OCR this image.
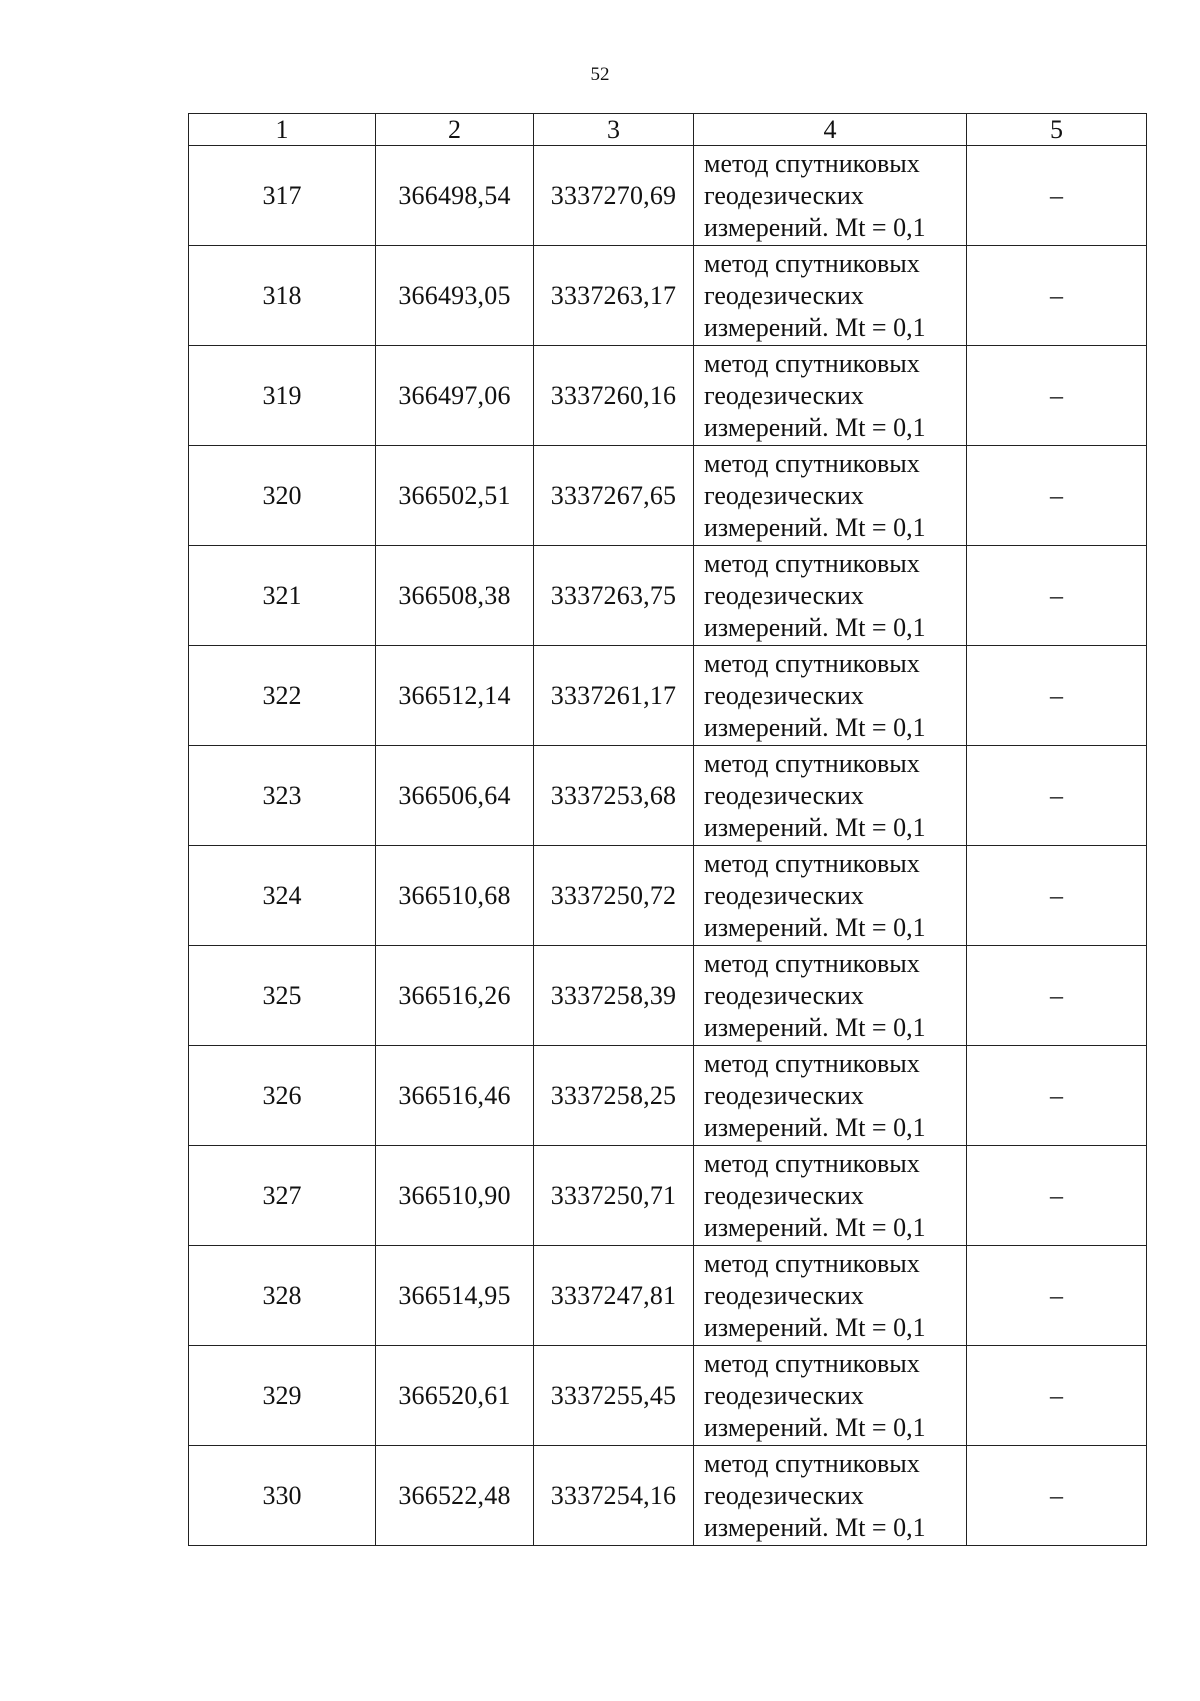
52
1	2	3	4	5
317	366498,54	3337270,69	метод спутниковых
геодезических
измерений. Mt = 0,1	–
318	366493,05	3337263,17	метод спутниковых
геодезических
измерений. Mt = 0,1	–
319	366497,06	3337260,16	метод спутниковых
геодезических
измерений. Mt = 0,1	–
320	366502,51	3337267,65	метод спутниковых
геодезических
измерений. Mt = 0,1	–
321	366508,38	3337263,75	метод спутниковых
геодезических
измерений. Mt = 0,1	–
322	366512,14	3337261,17	метод спутниковых
геодезических
измерений. Mt = 0,1	–
323	366506,64	3337253,68	метод спутниковых
геодезических
измерений. Mt = 0,1	–
324	366510,68	3337250,72	метод спутниковых
геодезических
измерений. Mt = 0,1	–
325	366516,26	3337258,39	метод спутниковых
геодезических
измерений. Mt = 0,1	–
326	366516,46	3337258,25	метод спутниковых
геодезических
измерений. Mt = 0,1	–
327	366510,90	3337250,71	метод спутниковых
геодезических
измерений. Mt = 0,1	–
328	366514,95	3337247,81	метод спутниковых
геодезических
измерений. Mt = 0,1	–
329	366520,61	3337255,45	метод спутниковых
геодезических
измерений. Mt = 0,1	–
330	366522,48	3337254,16	метод спутниковых
геодезических
измерений. Mt = 0,1	–
